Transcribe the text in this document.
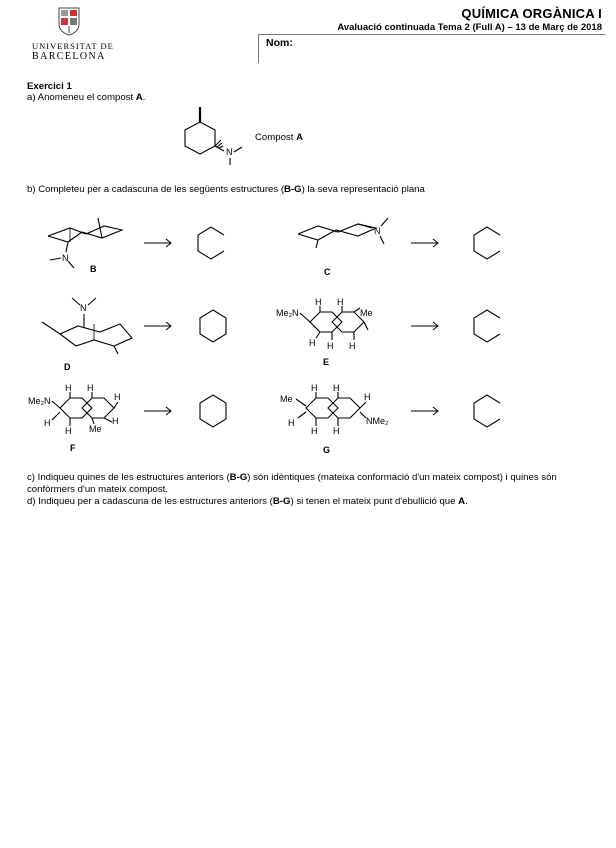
UNIVERSITAT DE
BARCELONA
QUÍMICA ORGÀNICA I
Avaluació continuada Tema 2 (Full A) – 13 de Març de 2018
Nom:
Exercici 1
a) Anomeneu el compost A.
N
Compost A
b) Completeu per a cadascuna de les següents estructures (B-G) la seva representació plana
N
B
N
C
N
D
Me₂N
H H
H H H
Me
E
Me₂N
H H
H
H
H
H
Me
F
Me
H H
H
H H
H
NMe₂
G
c) Indiqueu quines de les estructures anteriors (B-G) són idèntiques (mateixa conformació d'un mateix compost) i quines són confòrmers d'un mateix compost.
d) Indiqueu per a cadascuna de les estructures anteriors (B-G) si tenen el mateix punt d'ebullició que A.
